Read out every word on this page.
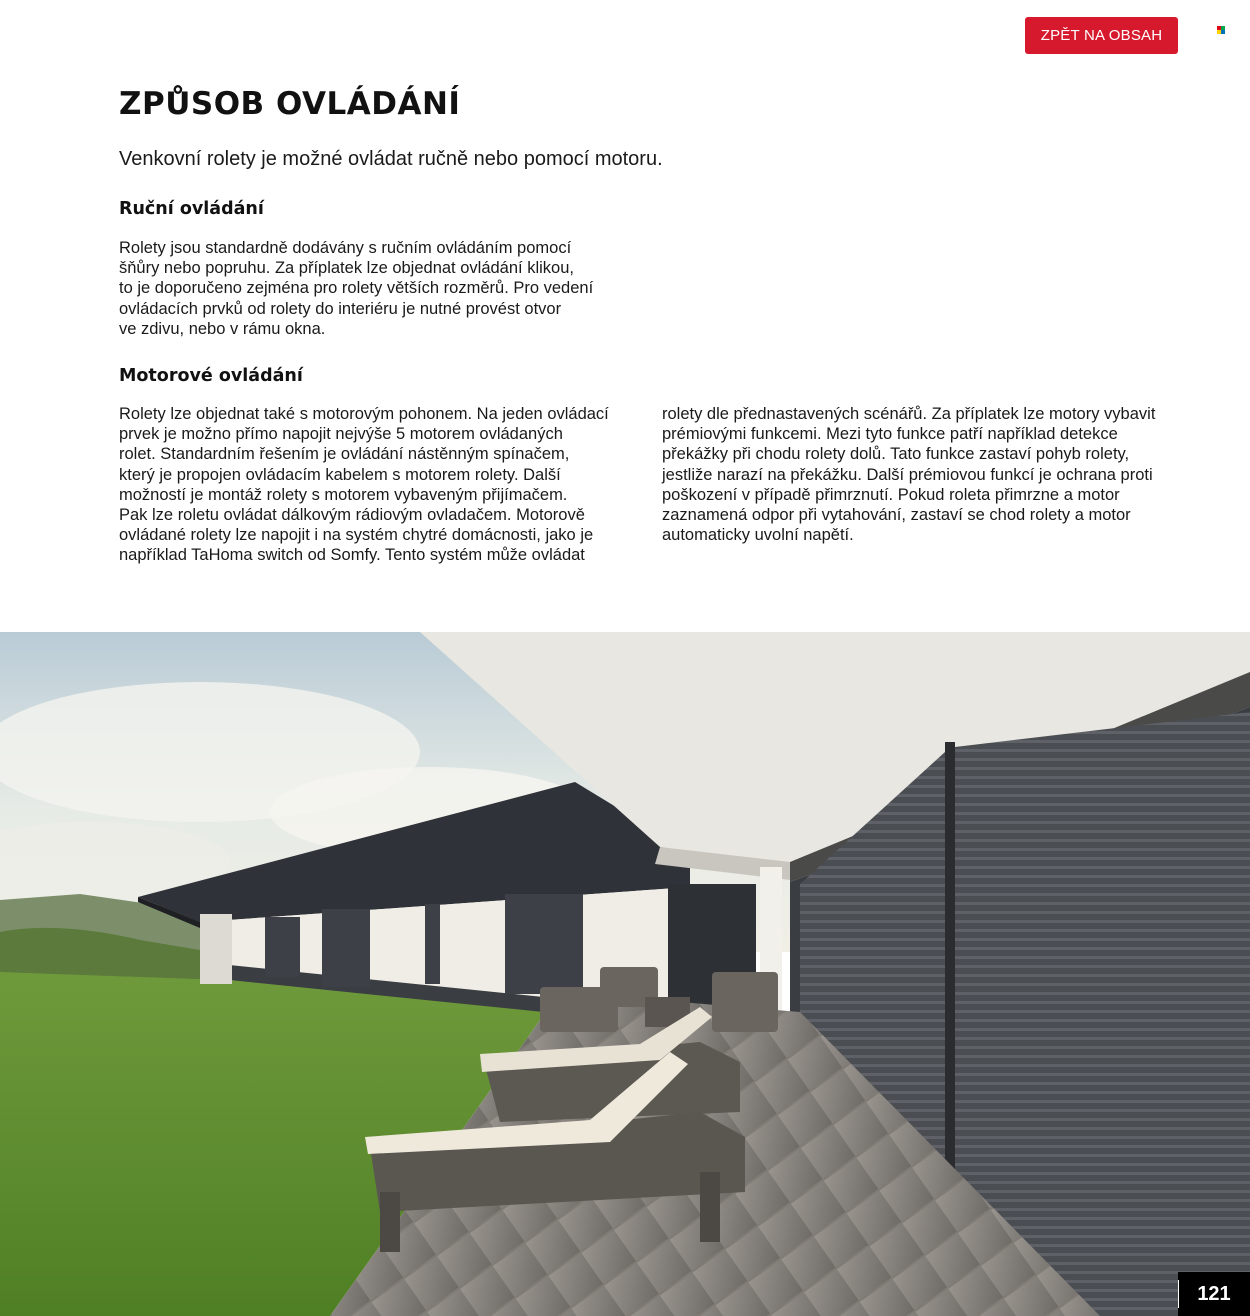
ZPĚT NA OBSAH
ZPŮSOB OVLÁDÁNÍ

Venkovní rolety je možné ovládat ručně nebo pomocí motoru.

Ruční ovládání
Rolety jsou standardně dodávány s ručním ovládáním pomocí
šňůry nebo popruhu. Za příplatek lze objednat ovládání klikou,
to je doporučeno zejména pro rolety větších rozměrů. Pro vedení
ovládacích prvků od rolety do interiéru je nutné provést otvor
ve zdivu, nebo v rámu okna.
Motorové ovládání
Rolety lze objednat také s motorovým pohonem. Na jeden ovládací
prvek je možno přímo napojit nejvýše 5 motorem ovládaných
rolet. Standardním řešením je ovládání nástěnným spínačem,
který je propojen ovládacím kabelem s motorem rolety. Další
možností je montáž rolety s motorem vybaveným přijímačem.
Pak lze roletu ovládat dálkovým rádiovým ovladačem. Motorově
ovládané rolety lze napojit i na systém chytré domácnosti, jako je
například TaHoma switch od Somfy. Tento systém může ovládat
rolety dle přednastavených scénářů. Za příplatek lze motory vybavit
prémiovými funkcemi. Mezi tyto funkce patří například detekce
překážky při chodu rolety dolů. Tato funkce zastaví pohyb rolety,
jestliže narazí na překážku. Další prémiovou funkcí je ochrana proti
poškození v případě přimrznutí. Pokud roleta přimrzne a motor
zaznamená odpor při vytahování, zastaví se chod rolety a motor
automaticky uvolní napětí.
121
